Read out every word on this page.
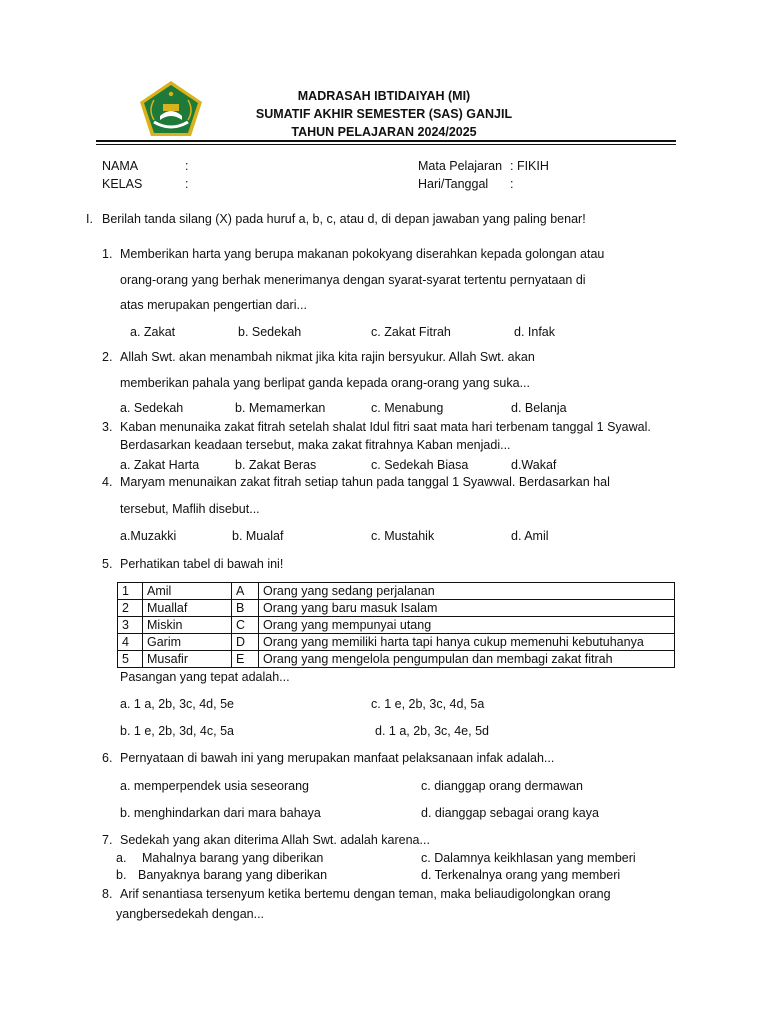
MADRASAH IBTIDAIYAH (MI)
SUMATIF AKHIR SEMESTER (SAS) GANJIL
TAHUN PELAJARAN 2024/2025
NAMA	:
KELAS	:
Mata Pelajaran : FIKIH
Hari/Tanggal :
I. Berilah tanda silang (X) pada huruf a, b, c, atau d, di depan jawaban yang paling benar!
1. Memberikan harta yang berupa makanan pokokyang diserahkan kepada golongan atau
orang-orang yang berhak menerimanya dengan syarat-syarat tertentu pernyataan di
atas merupakan pengertian dari...
a. Zakat	b. Sedekah	c. Zakat Fitrah	d. Infak
2. Allah Swt. akan menambah nikmat jika kita rajin bersyukur. Allah Swt. akan
memberikan pahala yang berlipat ganda kepada orang-orang yang suka...
a. Sedekah	b. Memamerkan	c. Menabung	d. Belanja
3. Kaban menunaika zakat fitrah setelah shalat Idul fitri saat mata hari terbenam tanggal 1 Syawal.
Berdasarkan keadaan tersebut, maka zakat fitrahnya Kaban menjadi...
a. Zakat Harta	b. Zakat Beras	c. Sedekah Biasa	d.Wakaf
4. Maryam menunaikan zakat fitrah setiap tahun pada tanggal 1 Syawwal. Berdasarkan hal
tersebut, Maflih disebut...
a.Muzakki	b. Mualaf	c. Mustahik	d. Amil
5. Perhatikan tabel di bawah ini!
1	Amil	A	Orang yang sedang perjalanan
2	Muallaf	B	Orang yang baru masuk Isalam
3	Miskin	C	Orang yang mempunyai utang
4	Garim	D	Orang yang memiliki harta tapi hanya cukup memenuhi kebutuhanya
5	Musafir	E	Orang yang mengelola pengumpulan dan membagi zakat fitrah
Pasangan yang tepat adalah...
a. 1 a, 2b, 3c, 4d, 5e	c. 1 e, 2b, 3c, 4d, 5a
b. 1 e, 2b, 3d, 4c, 5a	d. 1 a, 2b, 3c, 4e, 5d
6. Pernyataan di bawah ini yang merupakan manfaat pelaksanaan infak adalah...
a. memperpendek usia seseorang	c. dianggap orang dermawan
b. menghindarkan dari mara bahaya	d. dianggap sebagai orang kaya
7. Sedekah yang akan diterima Allah Swt. adalah karena...
a. Mahalnya barang yang diberikan	c. Dalamnya keikhlasan yang memberi
b. Banyaknya barang yang diberikan	d. Terkenalnya orang yang memberi
8. Arif senantiasa tersenyum ketika bertemu dengan teman, maka beliaudigolongkan orang
yangbersedekah dengan...
